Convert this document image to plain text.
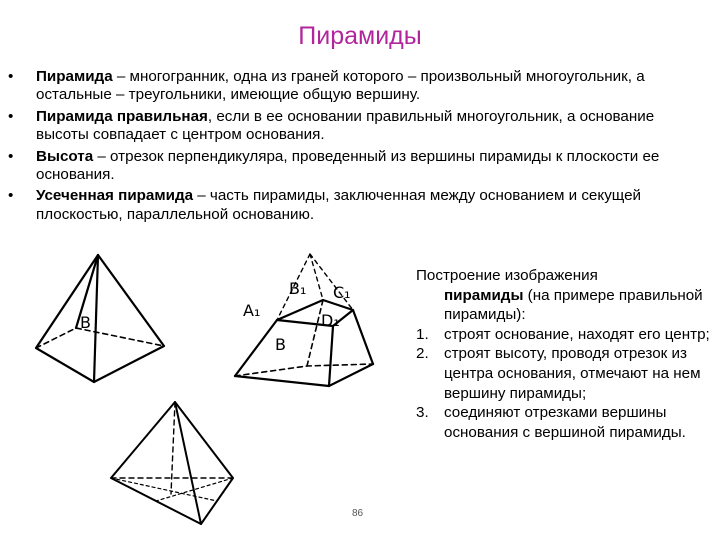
Пирамиды
• Пирамида – многогранник, одна из граней которого – произвольный многоугольник, а остальные – треугольники, имеющие общую вершину.
• Пирамида правильная, если в ее основании правильный многоугольник, а основание высоты совпадает с центром основания.
• Высота – отрезок перпендикуляра, проведенный из вершины пирамиды к плоскости ее основания.
• Усеченная пирамида – часть пирамиды, заключенная между основанием и секущей плоскостью, параллельной основанию.
В
A₁
B₁ C₁
D₁
В
Построение изображения
пирамиды (на примере правильной пирамиды):
1. строят основание, находят его центр;
2. строят высоту, проводя отрезок из центра основания, отмечают на нем вершину пирамиды;
3. соединяют отрезками вершины основания с вершиной пирамиды.
86
